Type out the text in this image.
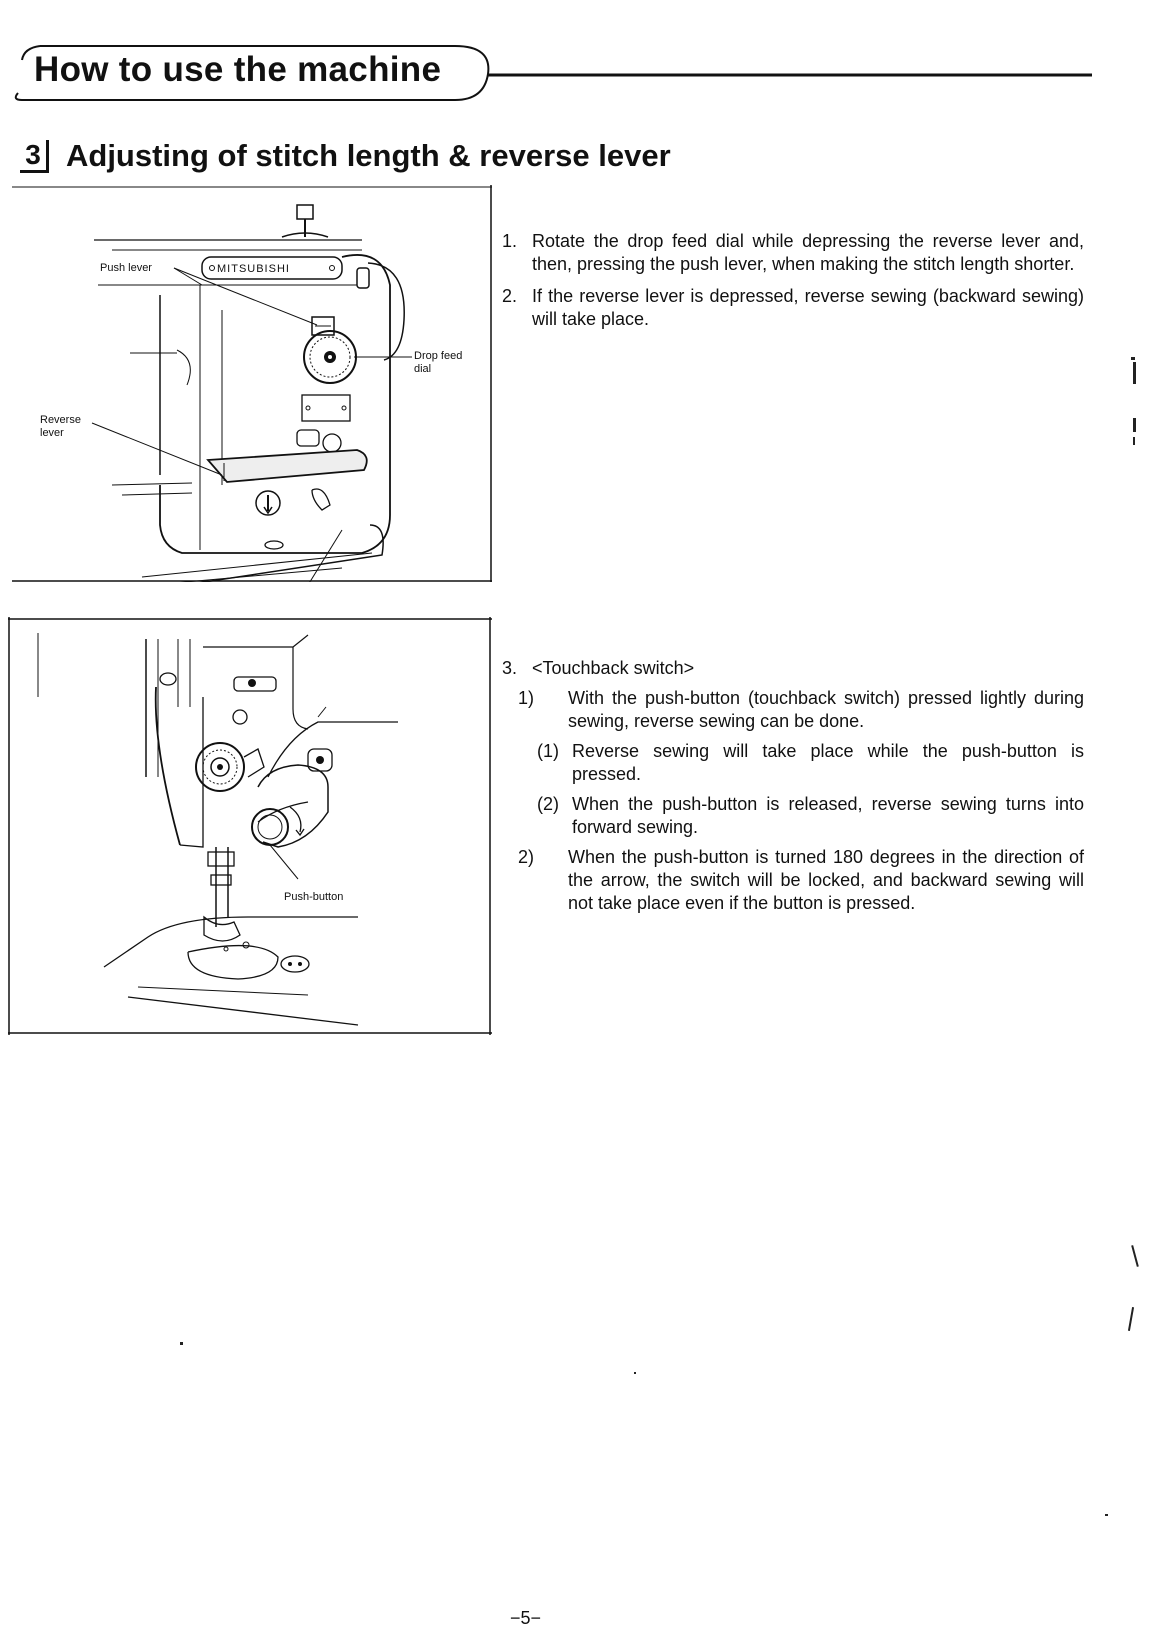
How to use the machine
3 Adjusting of stitch length & reverse lever
MITSUBISHI
Push lever
Drop feed
dial
Reverse
lever
1. Rotate the drop feed dial while depressing the reverse lever and, then, pressing the push lever, when making the stitch length shorter.
2. If the reverse lever is depressed, reverse sewing (backward sewing) will take place.
Push-button
3. <Touchback switch>
1) With the push-button (touchback switch) pressed lightly during sewing, reverse sewing can be done.
(1) Reverse sewing will take place while the push-button is pressed.
(2) When the push-button is released, reverse sewing turns into forward sewing.
2) When the push-button is turned 180 degrees in the direction of the arrow, the switch will be locked, and backward sewing will not take place even if the button is pressed.
−5−
